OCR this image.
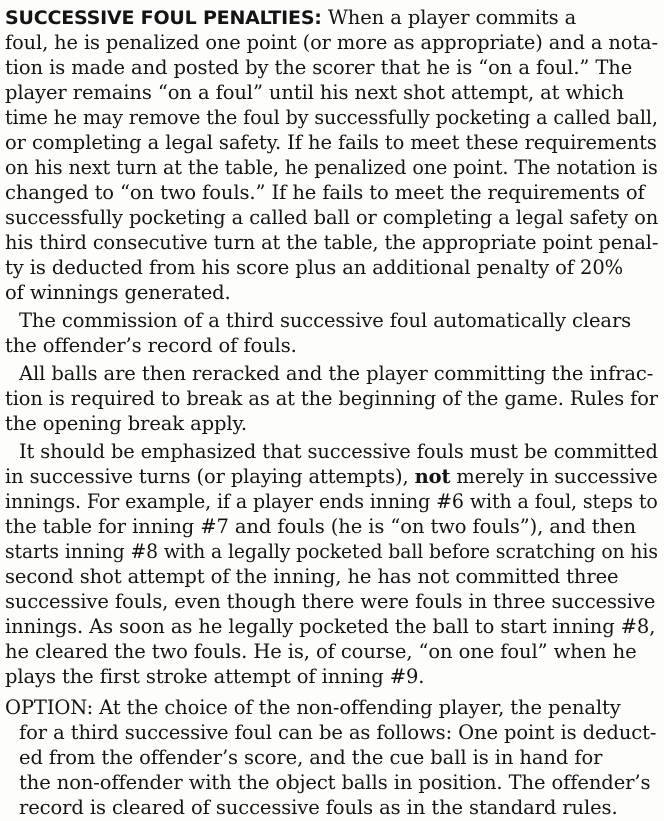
SUCCESSIVE FOUL PENALTIES: When a player commits a
foul, he is penalized one point (or more as appropriate) and a nota-
tion is made and posted by the scorer that he is “on a foul.” The
player remains “on a foul” until his next shot attempt, at which
time he may remove the foul by successfully pocketing a called ball,
or completing a legal safety. If he fails to meet these requirements
on his next turn at the table, he penalized one point. The notation is
changed to “on two fouls.” If he fails to meet the requirements of
successfully pocketing a called ball or completing a legal safety on
his third consecutive turn at the table, the appropriate point penal-
ty is deducted from his score plus an additional penalty of 20%
of winnings generated.
The commission of a third successive foul automatically clears
the offender’s record of fouls.
All balls are then reracked and the player committing the infrac-
tion is required to break as at the beginning of the game. Rules for
the opening break apply.
It should be emphasized that successive fouls must be committed
in successive turns (or playing attempts), not merely in successive
innings. For example, if a player ends inning #6 with a foul, steps to
the table for inning #7 and fouls (he is “on two fouls”), and then
starts inning #8 with a legally pocketed ball before scratching on his
second shot attempt of the inning, he has not committed three
successive fouls, even though there were fouls in three successive
innings. As soon as he legally pocketed the ball to start inning #8,
he cleared the two fouls. He is, of course, “on one foul” when he
plays the first stroke attempt of inning #9.
OPTION: At the choice of the non-offending player, the penalty
for a third successive foul can be as follows: One point is deduct-
ed from the offender’s score, and the cue ball is in hand for
the non-offender with the object balls in position. The offender’s
record is cleared of successive fouls as in the standard rules.
